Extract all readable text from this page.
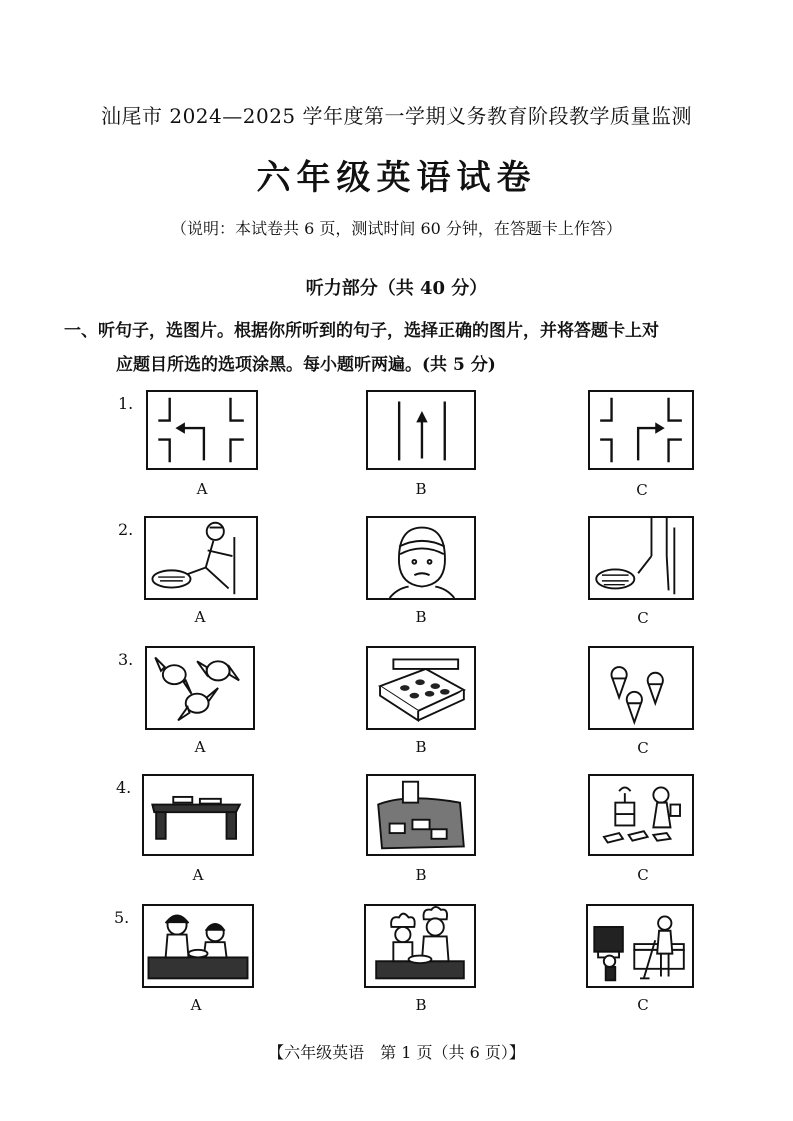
汕尾市 2024—2025 学年度第一学期义务教育阶段教学质量监测
六年级英语试卷
（说明：本试卷共 6 页，测试时间 60 分钟，在答题卡上作答）
听力部分（共 40 分）
一、听句子，选图片。根据你所听到的句子，选择正确的图片，并将答题卡上对
应题目所选的选项涂黑。每小题听两遍。(共 5 分)
1.
A	B	C
2.
A	B	C
3.
A	B	C
4.
A	B	C
5.
A	B	C
【六年级英语　第 1 页（共 6 页）】
